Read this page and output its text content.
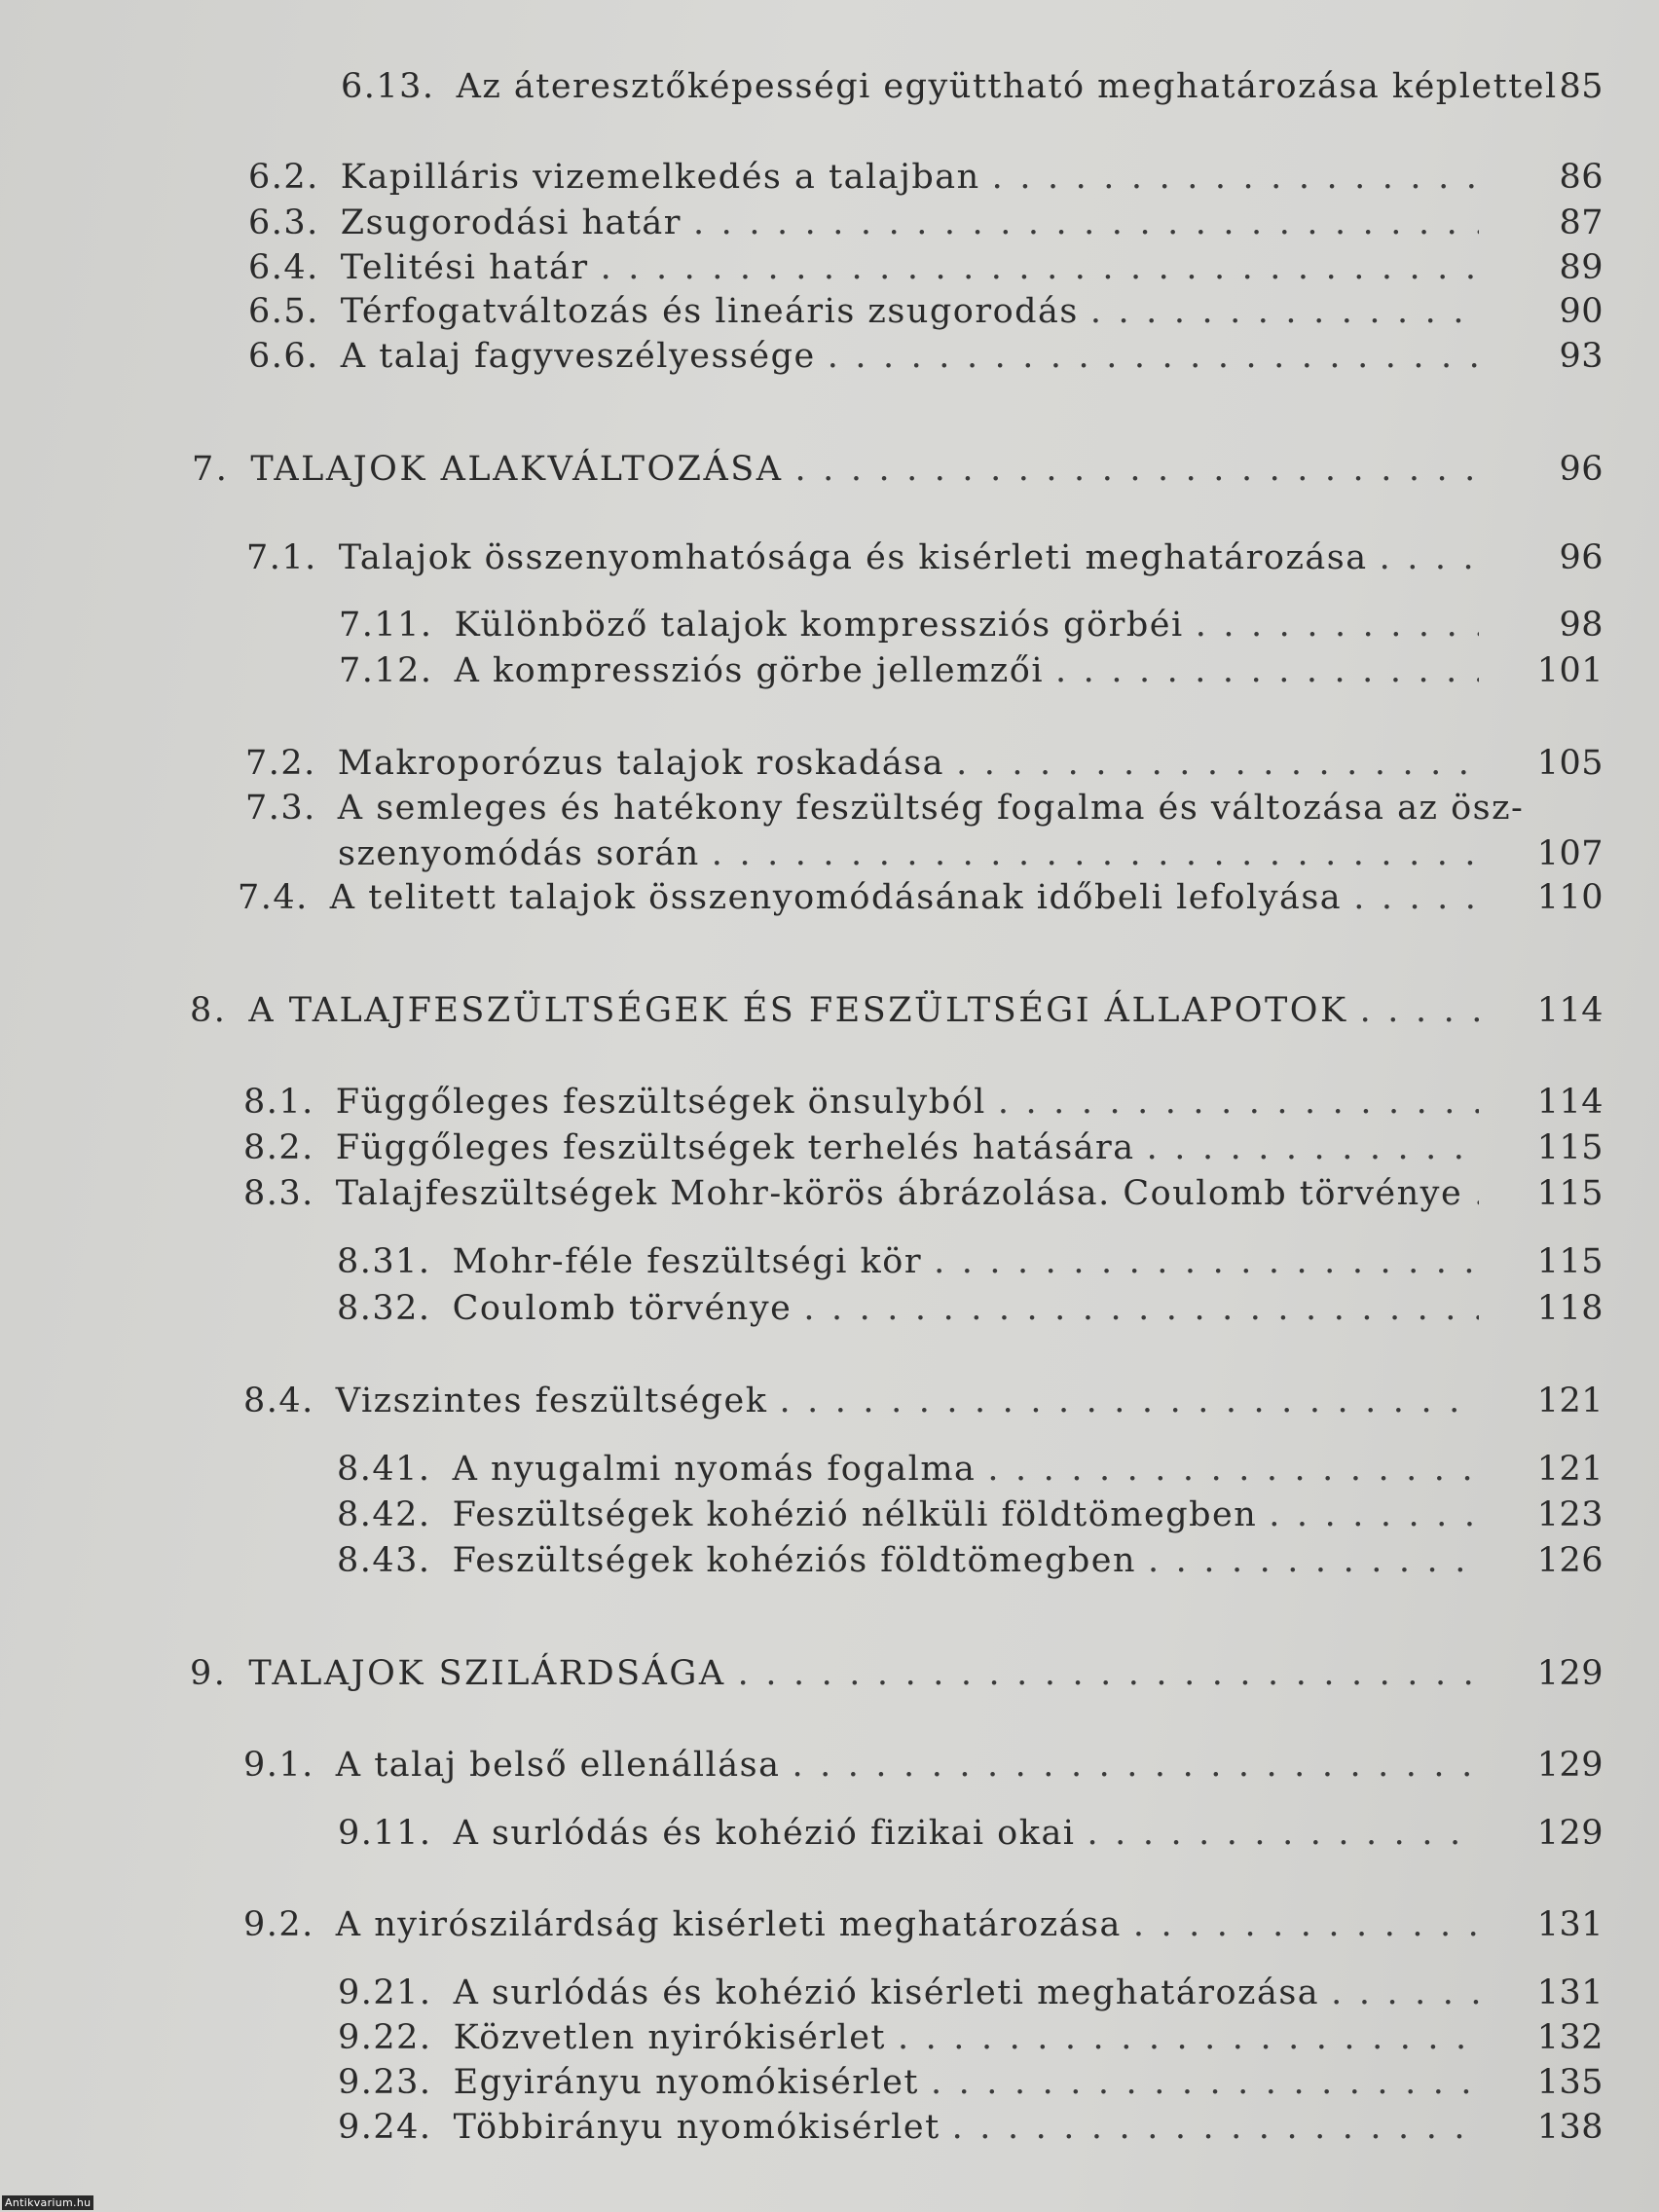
6.13. Az áteresztőképességi együttható meghatározása képlettel 85
6.2. Kapilláris vizemelkedés a talajban . . .	86
6.3. Zsugorodási határ . . .	87
6.4. Telitési határ . . .	89
6.5. Térfogatváltozás és lineáris zsugorodás . . .	90
6.6. A talaj fagyveszélyessége . . .	93
7. TALAJOK ALAKVÁLTOZÁSA . . .	96
7.1. Talajok összenyomhatósága és kisérleti meghatározása . . .	96
7.11. Különböző talajok kompressziós görbéi . . .	98
7.12. A kompressziós görbe jellemzői . . .	101
7.2. Makroporózus talajok roskadása . . .	105
7.3. A semleges és hatékony feszültség fogalma és változása az ösz-
szenyomódás során . . .	107
7.4. A telitett talajok összenyomódásának időbeli lefolyása . . .	110
8. A TALAJFESZÜLTSÉGEK ÉS FESZÜLTSÉGI ÁLLAPOTOK . . .	114
8.1. Függőleges feszültségek önsulyból . . .	114
8.2. Függőleges feszültségek terhelés hatására . . .	115
8.3. Talajfeszültségek Mohr-körös ábrázolása. Coulomb törvénye . . . 115
8.31. Mohr-féle feszültségi kör . . .	115
8.32. Coulomb törvénye . . .	118
8.4. Vizszintes feszültségek . . .	121
8.41. A nyugalmi nyomás fogalma . . .	121
8.42. Feszültségek kohézió nélküli földtömegben . . .	123
8.43. Feszültségek kohéziós földtömegben . . .	126
9. TALAJOK SZILÁRDSÁGA . . .	129
9.1. A talaj belső ellenállása . . .	129
9.11. A surlódás és kohézió fizikai okai . . .	129
9.2. A nyirószilárdság kisérleti meghatározása . . .	131
9.21. A surlódás és kohézió kisérleti meghatározása . . .	131
9.22. Közvetlen nyirókisérlet . . .	132
9.23. Egyirányu nyomókisérlet . . .	135
9.24. Többirányu nyomókisérlet . . .	138
Antikvarium.hu
